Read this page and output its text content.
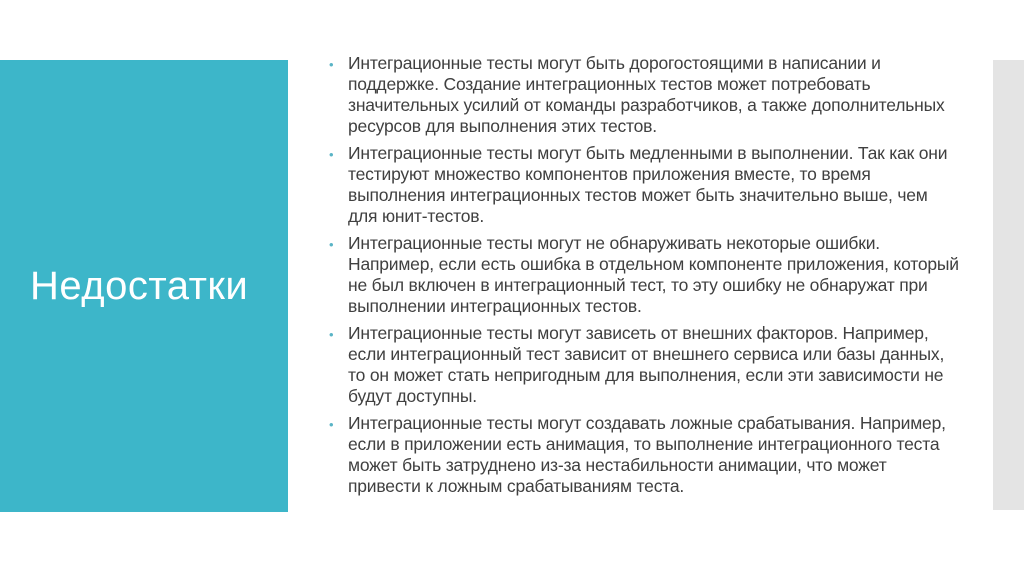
Недостатки
• Интеграционные тесты могут быть дорогостоящими в написании и поддержке. Создание интеграционных тестов может потребовать значительных усилий от команды разработчиков, а также дополнительных ресурсов для выполнения этих тестов.
• Интеграционные тесты могут быть медленными в выполнении. Так как они тестируют множество компонентов приложения вместе, то время выполнения интеграционных тестов может быть значительно выше, чем для юнит-тестов.
• Интеграционные тесты могут не обнаруживать некоторые ошибки. Например, если есть ошибка в отдельном компоненте приложения, который не был включен в интеграционный тест, то эту ошибку не обнаружат при выполнении интеграционных тестов.
• Интеграционные тесты могут зависеть от внешних факторов. Например, если интеграционный тест зависит от внешнего сервиса или базы данных, то он может стать непригодным для выполнения, если эти зависимости не будут доступны.
• Интеграционные тесты могут создавать ложные срабатывания. Например, если в приложении есть анимация, то выполнение интеграционного теста может быть затруднено из-за нестабильности анимации, что может привести к ложным срабатываниям теста.
